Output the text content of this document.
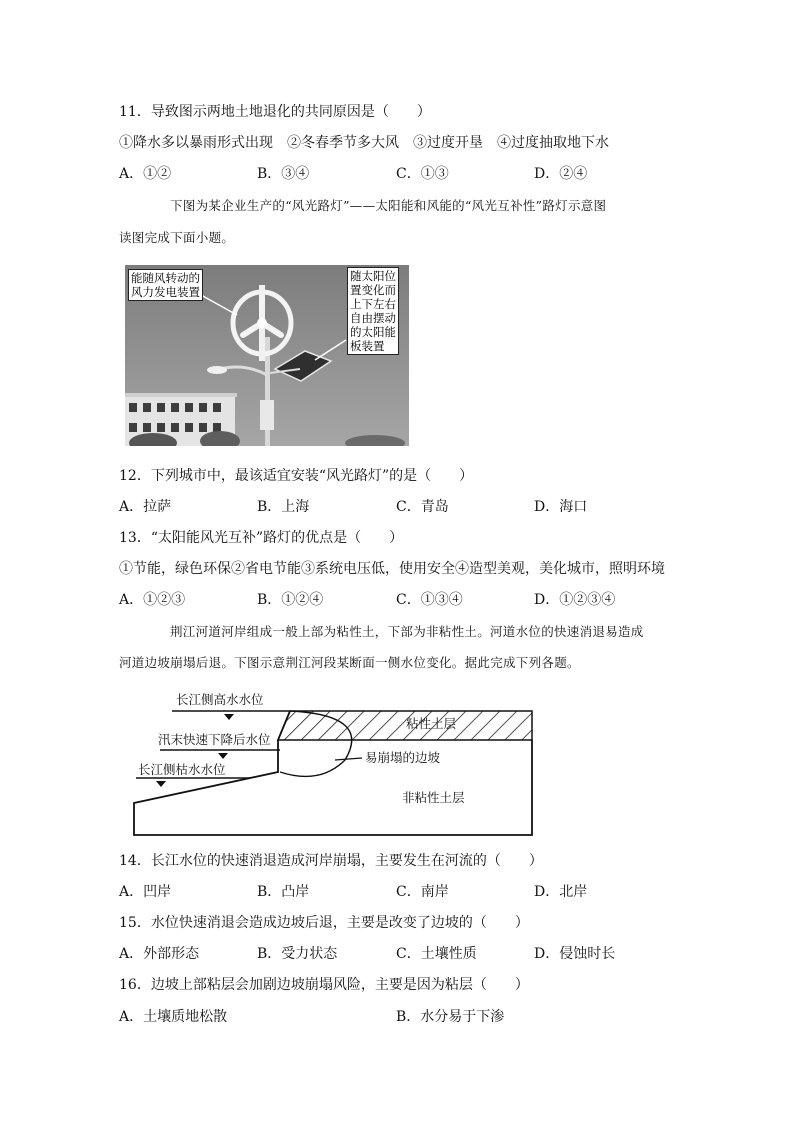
11．导致图示两地土地退化的共同原因是（　　）
①降水多以暴雨形式出现　②冬春季节多大风　③过度开垦　④过度抽取地下水
A．①②	B．③④	C．①③	D．②④
下图为某企业生产的“风光路灯”——太阳能和风能的“风光互补性”路灯示意图
读图完成下面小题。
能随风转动的
风力发电装置
随太阳位
置变化而
上下左右
自由摆动
的太阳能
板装置
12．下列城市中，最该适宜安装“风光路灯”的是（　　）
A．拉萨	B．上海	C．青岛	D．海口
13．“太阳能风光互补”路灯的优点是（　　）
①节能，绿色环保②省电节能③系统电压低，使用安全④造型美观，美化城市，照明环境
A．①②③	B．①②④	C．①③④	D．①②③④
荆江河道河岸组成一般上部为粘性土，下部为非粘性土。河道水位的快速消退易造成
河道边坡崩塌后退。下图示意荆江河段某断面一侧水位变化。据此完成下列各题。
长江侧高水水位
汛末快速下降后水位
长江侧枯水水位
粘性土层
易崩塌的边坡
非粘性土层
14．长江水位的快速消退造成河岸崩塌，主要发生在河流的（　　）
A．凹岸	B．凸岸	C．南岸	D．北岸
15．水位快速消退会造成边坡后退，主要是改变了边坡的（　　）
A．外部形态	B．受力状态	C．土壤性质	D．侵蚀时长
16．边坡上部粘层会加剧边坡崩塌风险，主要是因为粘层（　　）
A．土壤质地松散	B．水分易于下渗
